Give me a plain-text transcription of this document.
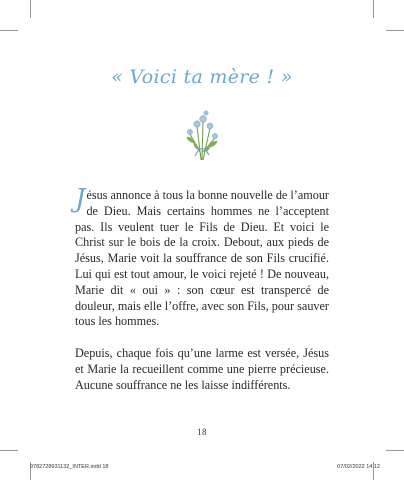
« Voici ta mère ! »

Jésus annonce à tous la bonne nouvelle de l’amour de Dieu. Mais certains hommes ne l’acceptent pas. Ils veulent tuer le Fils de Dieu. Et voici le Christ sur le bois de la croix. Debout, aux pieds de Jésus, Marie voit la souffrance de son Fils crucifié. Lui qui est tout amour, le voici rejeté ! De nouveau, Marie dit « oui » : son cœur est transpercé de douleur, mais elle l’offre, avec son Fils, pour sauver tous les hommes.

Depuis, chaque fois qu’une larme est versée, Jésus et Marie la recueillent comme une pierre précieuse. Aucune souffrance ne les laisse indifférents.

18
9782728931132_INTER.indd 18	07/02/2022 14:12
